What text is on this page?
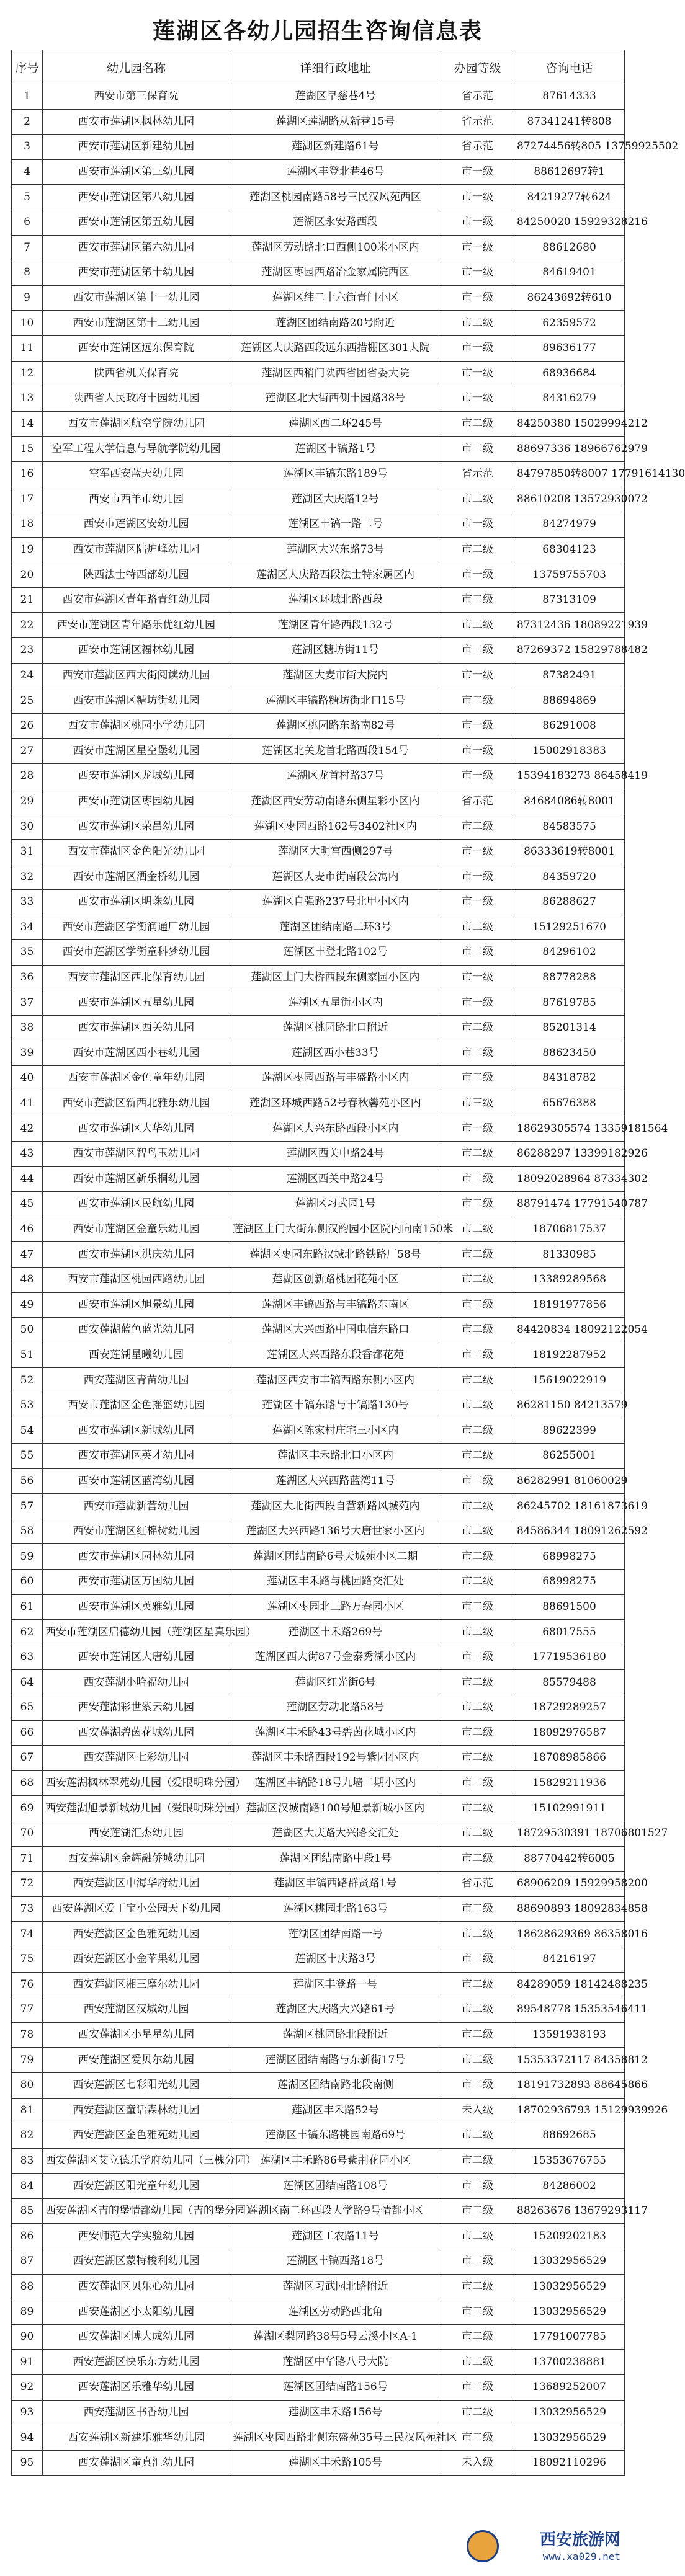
莲湖区各幼儿园招生咨询信息表
序号	幼儿园名称	详细行政地址	办园等级	咨询电话
1	西安市第三保育院	莲湖区早慈巷4号	省示范	87614333
2	西安市莲湖区枫林幼儿园	莲湖区莲湖路从新巷15号	省示范	87341241转808
3	西安市莲湖区新建幼儿园	莲湖区新建路61号	省示范	87274456转805 13759925502
4	西安市莲湖区第三幼儿园	莲湖区丰登北巷46号	市一级	88612697转1
5	西安市莲湖区第八幼儿园	莲湖区桃园南路58号三民汉风苑西区	市一级	84219277转624
6	西安市莲湖区第五幼儿园	莲湖区永安路西段	市一级	84250020 15929328216
7	西安市莲湖区第六幼儿园	莲湖区劳动路北口西侧100米小区内	市一级	88612680
8	西安市莲湖区第十幼儿园	莲湖区枣园西路冶金家属院西区	市一级	84619401
9	西安市莲湖区第十一幼儿园	莲湖区纬二十六街青门小区	市一级	86243692转610
10	西安市莲湖区第十二幼儿园	莲湖区团结南路20号附近	市二级	62359572
11	西安市莲湖区远东保育院	莲湖区大庆路西段远东西措棚区301大院	市一级	89636177
12	陕西省机关保育院	莲湖区西稍门陕西省团省委大院	市一级	68936684
13	陕西省人民政府丰园幼儿园	莲湖区北大街西侧丰园路38号	市一级	84316279
14	西安市莲湖区航空学院幼儿园	莲湖区西二环245号	市二级	84250380 15029994212
15	空军工程大学信息与导航学院幼儿园	莲湖区丰镐路1号	市二级	88697336 18966762979
16	空军西安蓝天幼儿园	莲湖区丰镐东路189号	省示范	84797850转8007 17791614130
17	西安市西羊市幼儿园	莲湖区大庆路12号	市二级	88610208 13572930072
18	西安市莲湖区安幼儿园	莲湖区丰镐一路二号	市一级	84274979
19	西安市莲湖区陆炉峰幼儿园	莲湖区大兴东路73号	市二级	68304123
20	陕西法士特西部幼儿园	莲湖区大庆路西段法士特家属区内	市一级	13759755703
21	西安市莲湖区青年路青红幼儿园	莲湖区环城北路西段	市二级	87313109
22	西安市莲湖区青年路乐优红幼儿园	莲湖区青年路西段132号	市二级	87312436 18089221939
23	西安市莲湖区福林幼儿园	莲湖区糖坊街11号	市二级	87269372 15829788482
24	西安市莲湖区西大街阅读幼儿园	莲湖区大麦市街大院内	市一级	87382491
25	西安市莲湖区糖坊街幼儿园	莲湖区丰镐路糖坊街北口15号	市二级	88694869
26	西安市莲湖区桃园小学幼儿园	莲湖区桃园路东路南82号	市一级	86291008
27	西安市莲湖区星空堡幼儿园	莲湖区北关龙首北路西段154号	市一级	15002918383
28	西安市莲湖区龙城幼儿园	莲湖区龙首村路37号	市一级	15394183273 86458419
29	西安市莲湖区枣园幼儿园	莲湖区西安劳动南路东侧星彩小区内	省示范	84684086转8001
30	西安市莲湖区荣昌幼儿园	莲湖区枣园西路162号3402社区内	市二级	84583575
31	西安市莲湖区金色阳光幼儿园	莲湖区大明宫西侧297号	市一级	86333619转8001
32	西安市莲湖区洒金桥幼儿园	莲湖区大麦市街南段公寓内	市一级	84359720
33	西安市莲湖区明珠幼儿园	莲湖区自强路237号北甲小区内	市一级	86288627
34	西安市莲湖区学衡润通厂幼儿园	莲湖区团结南路二环3号	市二级	15129251670
35	西安市莲湖区学衡童科梦幼儿园	莲湖区丰登北路102号	市二级	84296102
36	西安市莲湖区西北保育幼儿园	莲湖区土门大桥西段东侧家园小区内	市一级	88778288
37	西安市莲湖区五星幼儿园	莲湖区五星街小区内	市一级	87619785
38	西安市莲湖区西关幼儿园	莲湖区桃园路北口附近	市二级	85201314
39	西安市莲湖区西小巷幼儿园	莲湖区西小巷33号	市二级	88623450
40	西安市莲湖区金色童年幼儿园	莲湖区枣园西路与丰盛路小区内	市二级	84318782
41	西安市莲湖区新西北雅乐幼儿园	莲湖区环城西路52号春秋馨苑小区内	市三级	65676388
42	西安市莲湖区大华幼儿园	莲湖区大兴东路西段小区内	市一级	18629305574 13359181564
43	西安市莲湖区智鸟玉幼儿园	莲湖区西关中路24号	市二级	86288297 13399182926
44	西安市莲湖区新乐桐幼儿园	莲湖区西关中路24号	市二级	18092028964 87334302
45	西安市莲湖区民航幼儿园	莲湖区习武园1号	市二级	88791474 17791540787
46	西安市莲湖区金童乐幼儿园	莲湖区土门大街东侧汉韵园小区院内向南150米	市二级	18706817537
47	西安市莲湖区洪庆幼儿园	莲湖区枣园东路汉城北路铁路厂58号	市二级	81330985
48	西安市莲湖区桃园西路幼儿园	莲湖区创新路桃园花苑小区	市二级	13389289568
49	西安市莲湖区旭景幼儿园	莲湖区丰镐西路与丰镐路东南区	市二级	18191977856
50	西安莲湖蓝色蓝光幼儿园	莲湖区大兴西路中国电信东路口	市二级	84420834 18092122054
51	西安莲湖星曦幼儿园	莲湖区大兴西路东段香都花苑	市二级	18192287952
52	西安莲湖区青苗幼儿园	莲湖区西安市丰镐西路东侧小区内	市二级	15619022919
53	西安市莲湖区金色摇篮幼儿园	莲湖区丰镐东路与丰镐路130号	市二级	86281150 84213579
54	西安市莲湖区新城幼儿园	莲湖区陈家村庄宅三小区内	市二级	89622399
55	西安市莲湖区英才幼儿园	莲湖区丰禾路北口小区内	市二级	86255001
56	西安市莲湖区蓝湾幼儿园	莲湖区大兴西路蓝湾11号	市二级	86282991 81060029
57	西安市莲湖新营幼儿园	莲湖区大北街西段自营新路风城苑内	市二级	86245702 18161873619
58	西安市莲湖区红棉树幼儿园	莲湖区大兴西路136号大唐世家小区内	市二级	84586344 18091262592
59	西安市莲湖区园林幼儿园	莲湖区团结南路6号天城苑小区二期	市二级	68998275
60	西安市莲湖区万国幼儿园	莲湖区丰禾路与桃园路交汇处	市二级	68998275
61	西安市莲湖区英雅幼儿园	莲湖区枣园北三路万春园小区	市二级	88691500
62	西安市莲湖区启德幼儿园（莲湖区星真乐园）	莲湖区丰禾路269号	市二级	68017555
63	西安市莲湖区大唐幼儿园	莲湖区西大街87号金泰秀湖小区内	市二级	17719536180
64	西安莲湖小哈福幼儿园	莲湖区红光街6号	市二级	85579488
65	西安莲湖彩世紫云幼儿园	莲湖区劳动北路58号	市二级	18729289257
66	西安莲湖碧茵花城幼儿园	莲湖区丰禾路43号碧茵花城小区内	市二级	18092976587
67	西安莲湖区七彩幼儿园	莲湖区丰禾路西段192号紫园小区内	市二级	18708985866
68	西安莲湖枫林翠苑幼儿园（爱眼明珠分园）	莲湖区丰镐路18号九墙二期小区内	市二级	15829211936
69	西安莲湖旭景新城幼儿园（爱眼明珠分园）	莲湖区汉城南路100号旭景新城小区内	市二级	15102991911
70	西安莲湖汇杰幼儿园	莲湖区大庆路大兴路交汇处	市二级	18729530391 18706801527
71	西安莲湖区金辉融侨城幼儿园	莲湖区团结南路中段1号	市二级	88770442转6005
72	西安莲湖区中海华府幼儿园	莲湖区丰镐西路群贤路1号	省示范	68906209 15929958200
73	西安莲湖区爱丁宝小公园天下幼儿园	莲湖区桃园北路163号	市二级	88690893 18092834858
74	西安莲湖区金色雅苑幼儿园	莲湖区团结南路一号	市二级	18628629369 86358016
75	西安莲湖区小金苹果幼儿园	莲湖区丰庆路3号	市二级	84216197
76	西安莲湖区湘三摩尔幼儿园	莲湖区丰登路一号	市二级	84289059 18142488235
77	西安莲湖区汉城幼儿园	莲湖区大庆路大兴路61号	市二级	89548778 15353546411
78	西安莲湖区小星星幼儿园	莲湖区桃园路北段附近	市二级	13591938193
79	西安莲湖区爱贝尔幼儿园	莲湖区团结南路与东新街17号	市二级	15353372117 84358812
80	西安莲湖区七彩阳光幼儿园	莲湖区团结南路北段南侧	市二级	18191732893 88645866
81	西安莲湖区童话森林幼儿园	莲湖区丰禾路52号	未入级	18702936793 15129939926
82	西安莲湖区金色雅苑幼儿园	莲湖区丰镐东路桃园南路69号	市二级	88692685
83	西安莲湖区艾立德乐学府幼儿园（三槐分园）	莲湖区丰禾路86号紫荆花园小区	市二级	15353676755
84	西安莲湖区阳光童年幼儿园	莲湖区团结南路108号	市二级	84286002
85	西安莲湖区吉的堡情都幼儿园（吉的堡分园）	莲湖区南二环西段大学路9号情都小区	市二级	88263676 13679293117
86	西安师范大学实验幼儿园	莲湖区工农路11号	市二级	15209202183
87	西安莲湖区蒙特梭利幼儿园	莲湖区丰镐西路18号	市二级	13032956529
88	西安莲湖区贝乐心幼儿园	莲湖区习武园北路附近	市二级	13032956529
89	西安莲湖区小太阳幼儿园	莲湖区劳动路西北角	市二级	13032956529
90	西安莲湖区博大成幼儿园	莲湖区梨园路38号5号云溪小区A-1	市二级	17791007785
91	西安莲湖区快乐东方幼儿园	莲湖区中华路八号大院	市二级	13700238881
92	西安莲湖区乐雅华幼儿园	莲湖区团结南路156号	市二级	13689252007
93	西安莲湖区书香幼儿园	莲湖区丰禾路156号	市二级	13032956529
94	西安莲湖区新建乐雅华幼儿园	莲湖区枣园西路北侧东盛苑35号三民汉风苑社区	市二级	13032956529
95	西安莲湖区童真汇幼儿园	莲湖区丰禾路105号	未入级	18092110296
西安旅游网
www.xa029.net
